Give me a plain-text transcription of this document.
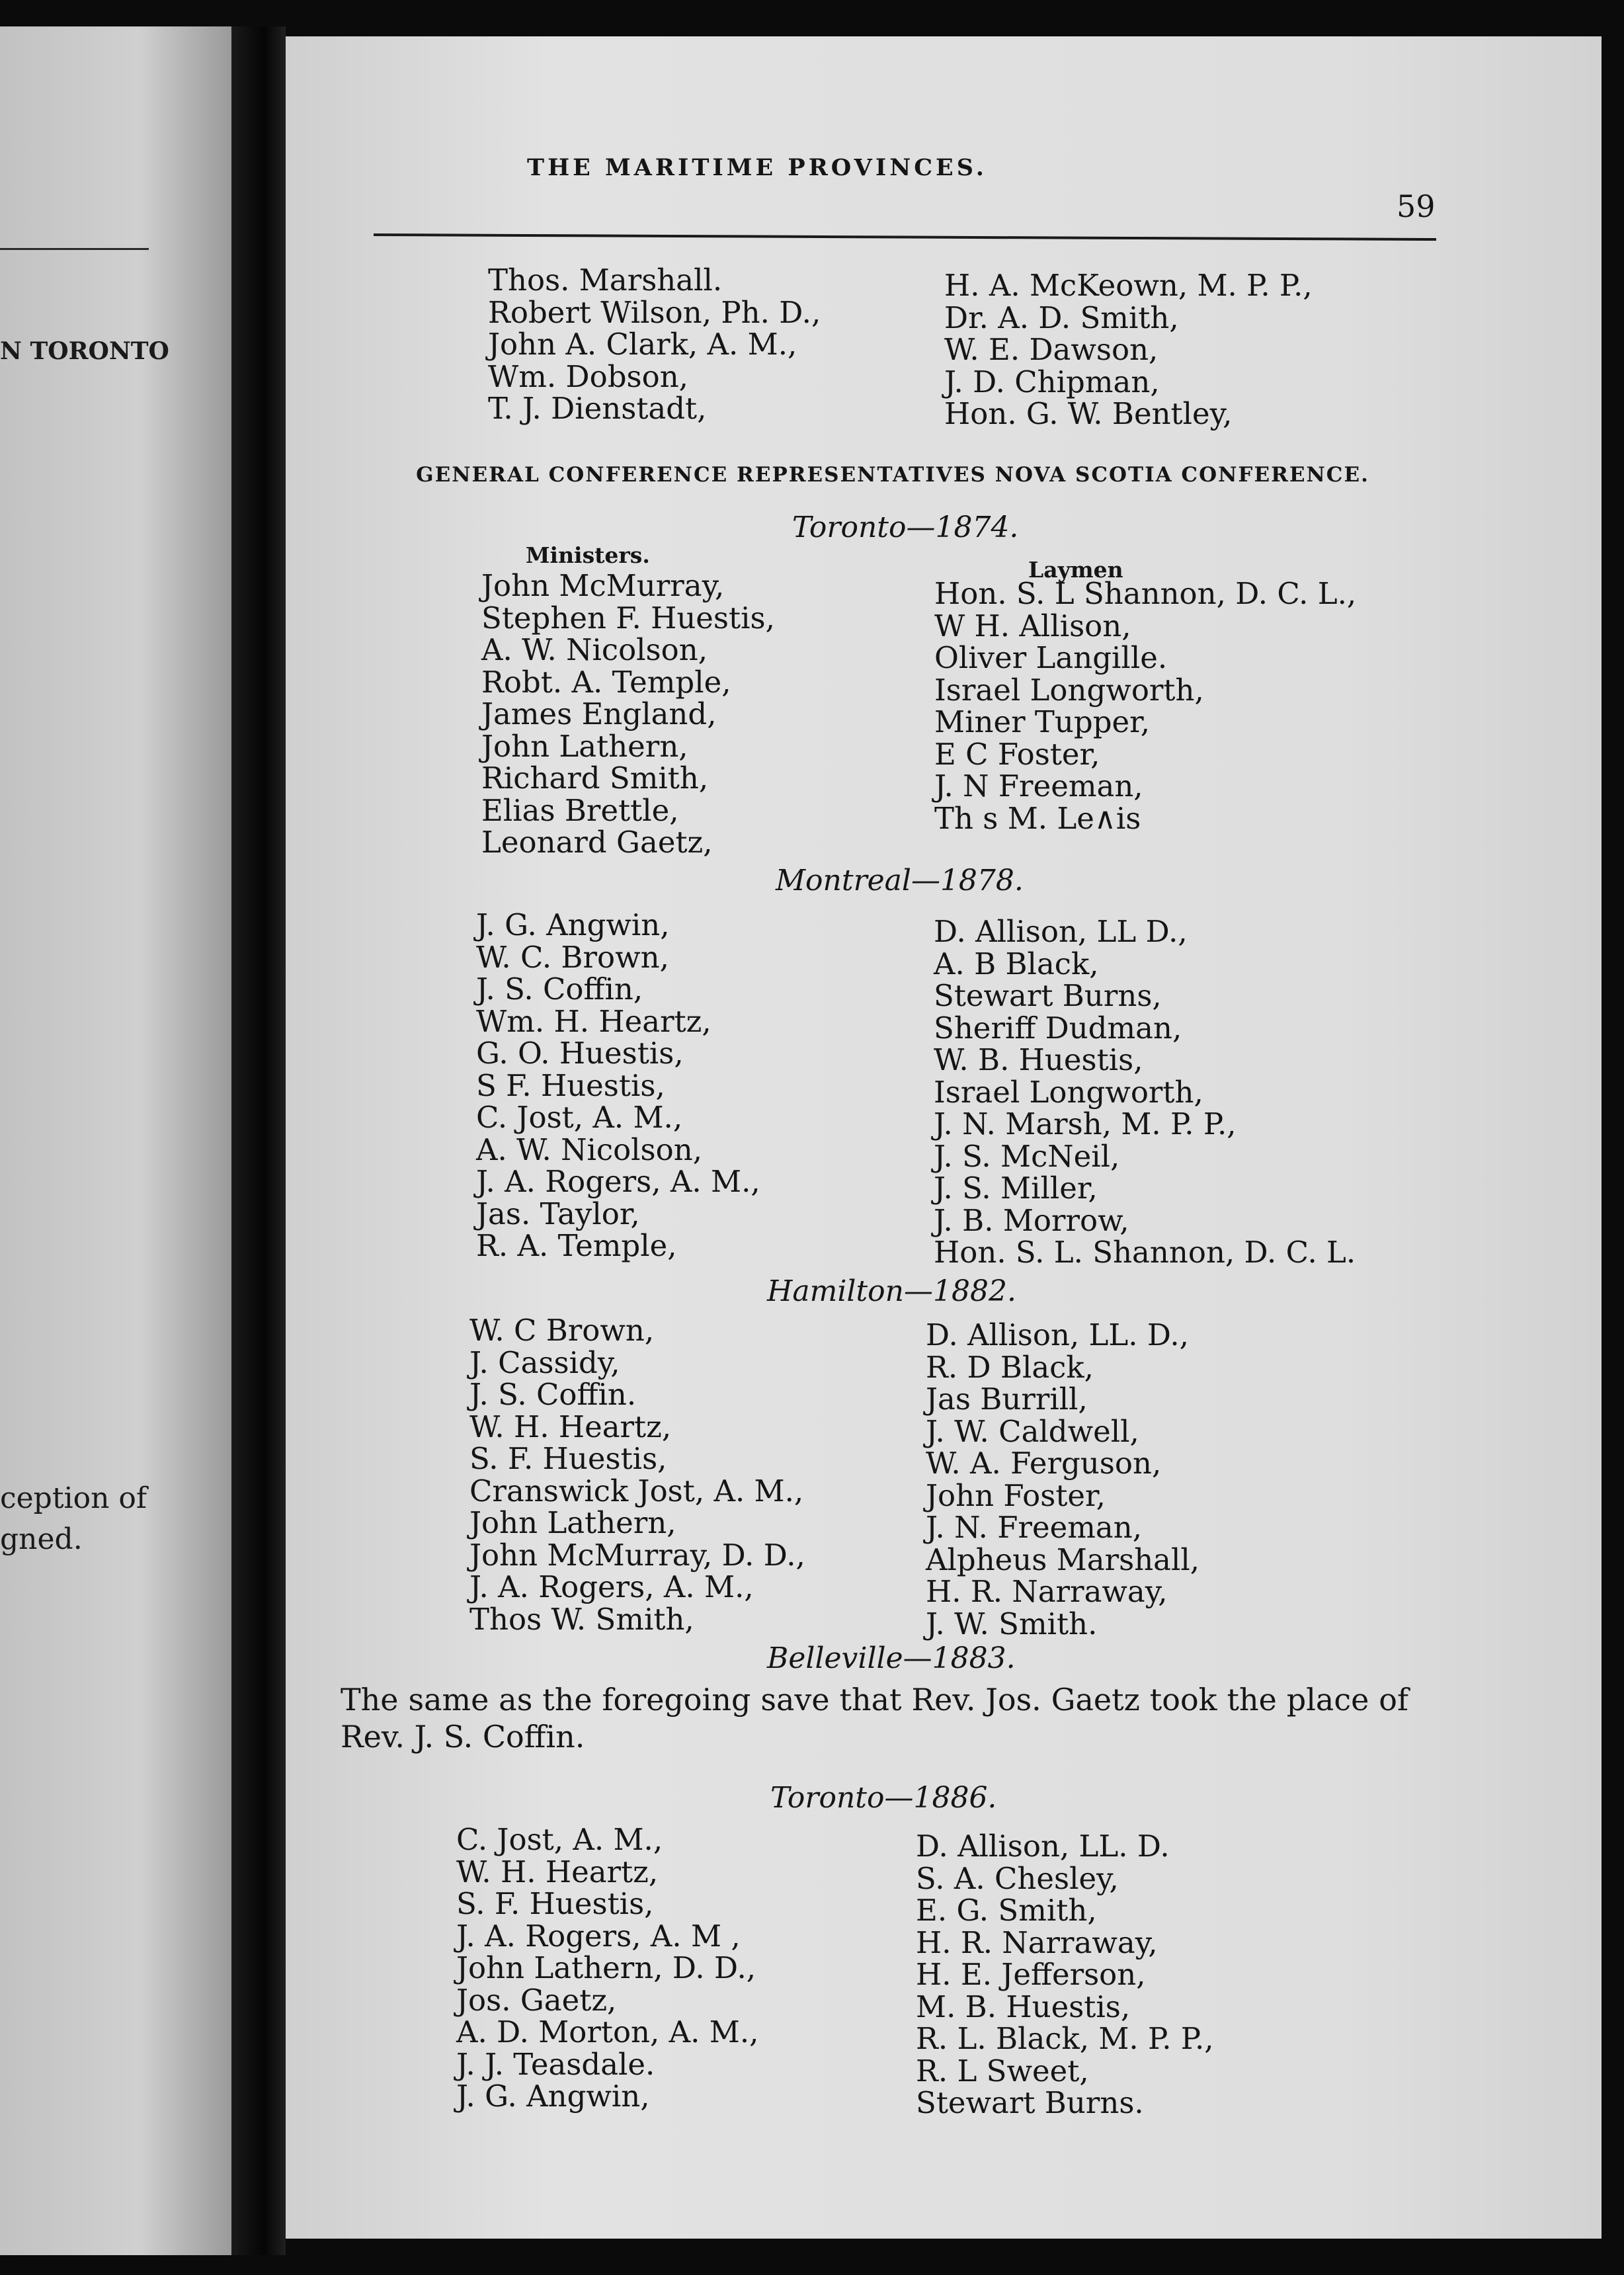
N TORONTO
ception of
gned.
THE MARITIME PROVINCES.
59
Thos. Marshall.
Robert Wilson, Ph. D.,
John A. Clark, A. M.,
Wm. Dobson,
T. J. Dienstadt,
H. A. McKeown, M. P. P.,
Dr. A. D. Smith,
W. E. Dawson,
J. D. Chipman,
Hon. G. W. Bentley,
GENERAL CONFERENCE REPRESENTATIVES NOVA SCOTIA CONFERENCE.
Toronto—1874.
Ministers.
Laymen
John McMurray,
Stephen F. Huestis,
A. W. Nicolson,
Robt. A. Temple,
James England,
John Lathern,
Richard Smith,
Elias Brettle,
Leonard Gaetz,
Hon. S. L Shannon, D. C. L.,
W H. Allison,
Oliver Langille.
Israel Longworth,
Miner Tupper,
E C Foster,
J. N Freeman,
Th s M. Le∧is
Montreal—1878.
J. G. Angwin,
W. C. Brown,
J. S. Coffin,
Wm. H. Heartz,
G. O. Huestis,
S F. Huestis,
C. Jost, A. M.,
A. W. Nicolson,
J. A. Rogers, A. M.,
Jas. Taylor,
R. A. Temple,
D. Allison, LL D.,
A. B Black,
Stewart Burns,
Sheriff Dudman,
W. B. Huestis,
Israel Longworth,
J. N. Marsh, M. P. P.,
J. S. McNeil,
J. S. Miller,
J. B. Morrow,
Hon. S. L. Shannon, D. C. L.
Hamilton—1882.
W. C Brown,
J. Cassidy,
J. S. Coffin.
W. H. Heartz,
S. F. Huestis,
Cranswick Jost, A. M.,
John Lathern,
John McMurray, D. D.,
J. A. Rogers, A. M.,
Thos W. Smith,
D. Allison, LL. D.,
R. D Black,
Jas Burrill,
J. W. Caldwell,
W. A. Ferguson,
John Foster,
J. N. Freeman,
Alpheus Marshall,
H. R. Narraway,
J. W. Smith.
Belleville—1883.
The same as the foregoing save that Rev. Jos. Gaetz took the place of Rev. J. S. Coffin.
Toronto—1886.
C. Jost, A. M.,
W. H. Heartz,
S. F. Huestis,
J. A. Rogers, A. M ,
John Lathern, D. D.,
Jos. Gaetz,
A. D. Morton, A. M.,
J. J. Teasdale.
J. G. Angwin,
D. Allison, LL. D.
S. A. Chesley,
E. G. Smith,
H. R. Narraway,
H. E. Jefferson,
M. B. Huestis,
R. L. Black, M. P. P.,
R. L Sweet,
Stewart Burns.
